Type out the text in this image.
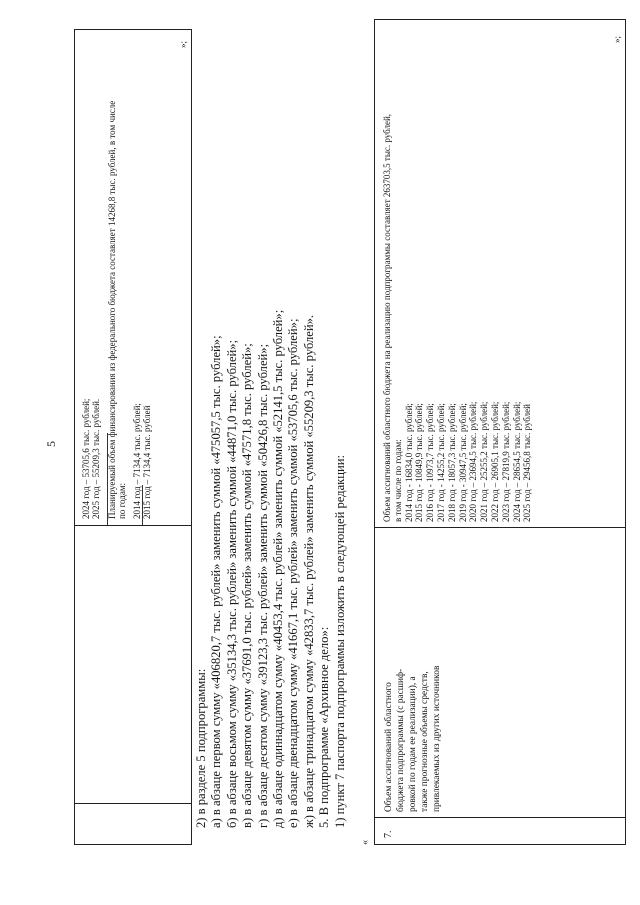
5	2024 год – 53705,6 тыс. рублей; 2025 год – 55209,3 тыс. рублей. Планируемый объем финансирования из федерального бюджета составляет 14268,8 тыс. рублей, в том числе по годам: 2014 год – 7134,4 тыс. рублей; 2015 год – 7134,4 тыс. рублей
»;
2) в разделе 5 подпрограммы: а) в абзаце первом сумму «406820,7 тыс. рублей» заменить суммой «475057,5 тыс. рублей»; б) в абзаце восьмом сумму «35134,3 тыс. рублей» заменить суммой «44871,0 тыс. рублей»; в) в абзаце девятом сумму «37691,0 тыс. рублей» заменить суммой «47571,8 тыс. рублей»; г) в абзаце десятом сумму «39123,3 тыс. рублей» заменить суммой «50426,8 тыс. рублей»; д) в абзаце одиннадцатом сумму «40453,4 тыс. рублей» заменить суммой «52141,5 тыс. рублей»; е) в абзаце двенадцатом сумму «41667,1 тыс. рублей» заменить суммой «53705,6 тыс. рублей»; ж) в абзаце тринадцатом сумму «42833,7 тыс. рублей» заменить суммой «55209,3 тыс. рублей». 5. В подпрограмме «Архивное дело»: 1) пункт 7 паспорта подпрограммы изложить в следующей редакции:
«
7.
Объем ассигнований областного бюджета подпрограммы (с расшиф- ровкой по годам ее реализации), а также прогнозные объемы средств, привлекаемых из других источников
Объем ассигнований областного бюджета на реализацию подпрограммы составляет 263703,5 тыс. рублей, в том числе по годам: 2014 год - 16834,0 тыс. рублей; 2015 год - 10849,9 тыс. рублей; 2016 год - 10973,7 тыс. рублей; 2017 год - 14255,2 тыс. рублей; 2018 год - 18057,3 тыс. рублей; 2019 год - 30947,5 тыс. рублей; 2020 год – 23694,5 тыс. рублей; 2021 год – 25255,2 тыс. рублей; 2022 год – 26905,1 тыс. рублей; 2023 год – 27819,9 тыс. рублей; 2024 год – 28654,5 тыс. рублей; 2025 год – 29456,8 тыс. рублей
»;
